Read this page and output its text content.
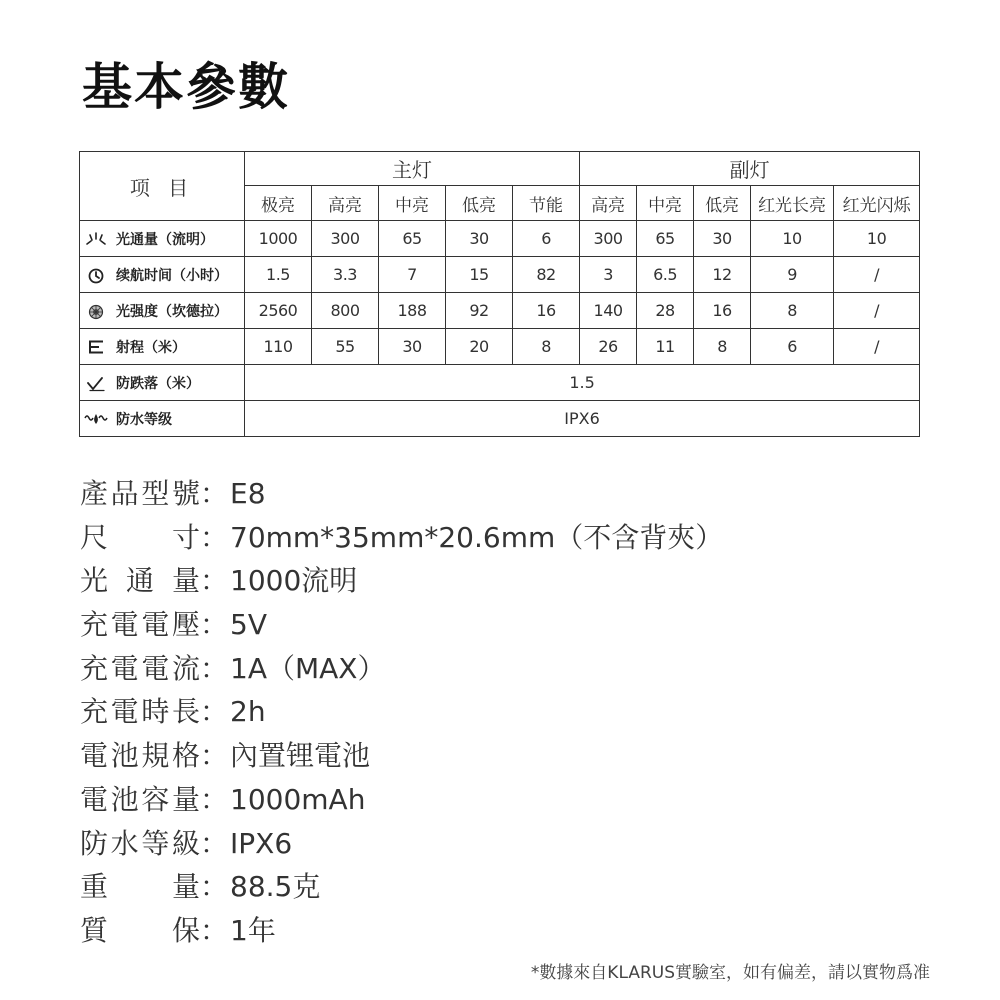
基本參數
项 目	主灯					副灯				
	极亮	高亮	中亮	低亮	节能	高亮	中亮	低亮	红光长亮	红光闪烁

光通量（流明）	1000	300	65	30	6	300	65	30	10	10

续航时间（小时）	1.5	3.3	7	15	82	3	6.5	12	9	/

光强度（坎德拉）	2560	800	188	92	16	140	28	16	8	/

射程（米）	110	55	30	20	8	26	11	8	6	/

防跌落（米）	1.5									

防水等级	IPX6									
產品型號：E8
尺寸：70mm*35mm*20.6mm（不含背夾）
光通量：1000流明
充電電壓：5V
充電電流：1A（MAX）
充電時長：2h
電池規格：內置锂電池
電池容量：1000mAh
防水等級：IPX6
重量：88.5克
質保：1年
*數據來自KLARUS實驗室，如有偏差，請以實物爲准
